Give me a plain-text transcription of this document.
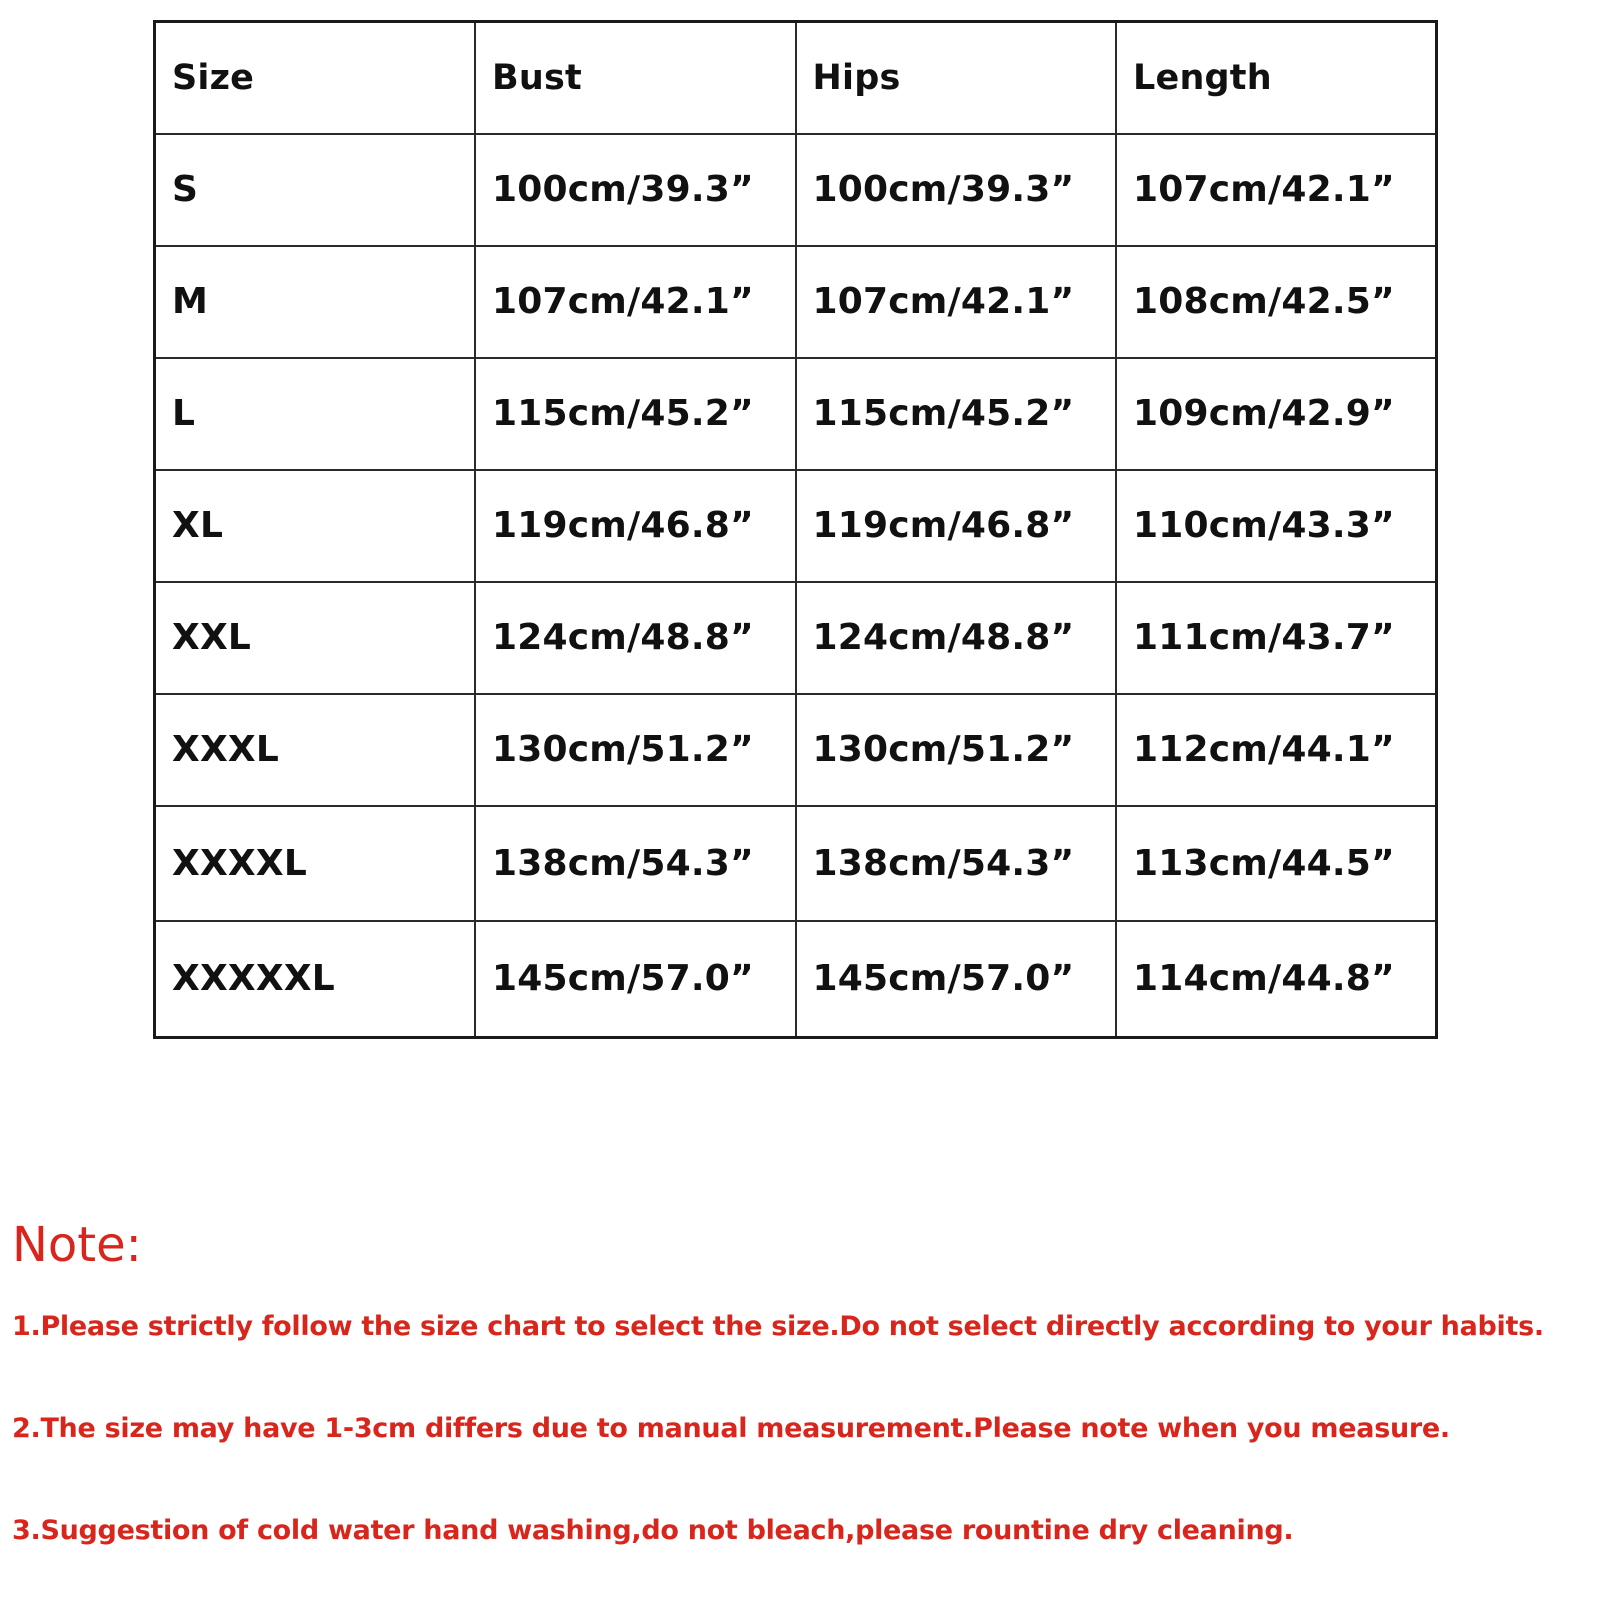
Size	Bust	Hips	Length
S	100cm/39.3”	100cm/39.3”	107cm/42.1”
M	107cm/42.1”	107cm/42.1”	108cm/42.5”
L	115cm/45.2”	115cm/45.2”	109cm/42.9”
XL	119cm/46.8”	119cm/46.8”	110cm/43.3”
XXL	124cm/48.8”	124cm/48.8”	111cm/43.7”
XXXL	130cm/51.2”	130cm/51.2”	112cm/44.1”
XXXXL	138cm/54.3”	138cm/54.3”	113cm/44.5”
XXXXXL	145cm/57.0”	145cm/57.0”	114cm/44.8”
Note:
1.Please strictly follow the size chart to select the size.Do not select directly according to your habits.
2.The size may have 1-3cm differs due to manual measurement.Please note when you measure.
3.Suggestion of cold water hand washing,do not bleach,please rountine dry cleaning.
